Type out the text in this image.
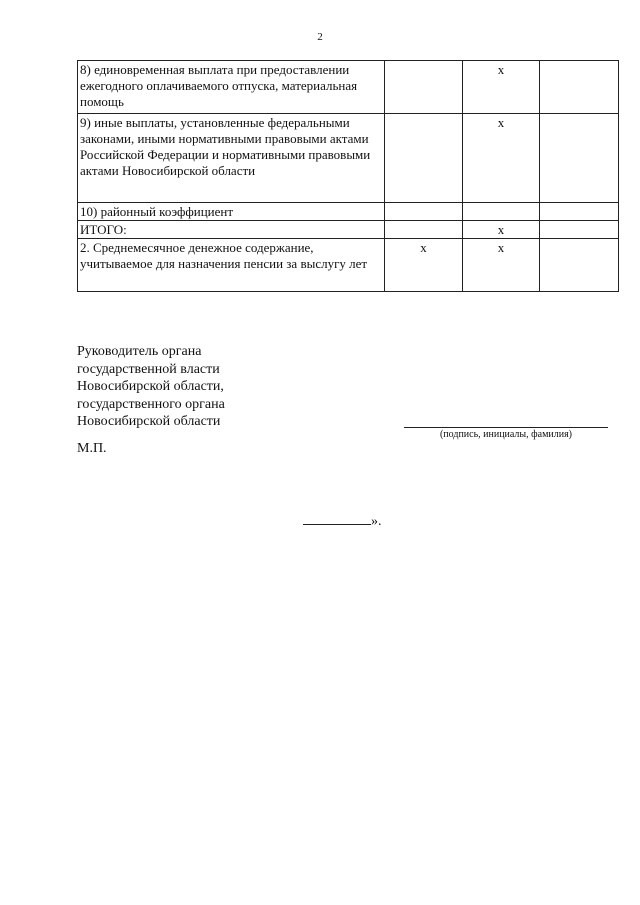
2
8) единовременная выплата при предоставлении ежегодного оплачиваемого отпуска, материальная помощь		x	
9) иные выплаты, установленные федеральными законами, иными нормативными правовыми актами Российской Федерации и нормативными правовыми актами Новосибирской области		x	
10) районный коэффициент			
ИТОГО:		x	
2. Среднемесячное денежное содержание, учитываемое для назначения пенсии за выслугу лет	x	x	
Руководитель органа
государственной власти
Новосибирской области,
государственного органа
Новосибирской области
(подпись, инициалы, фамилия)
М.П.
».
